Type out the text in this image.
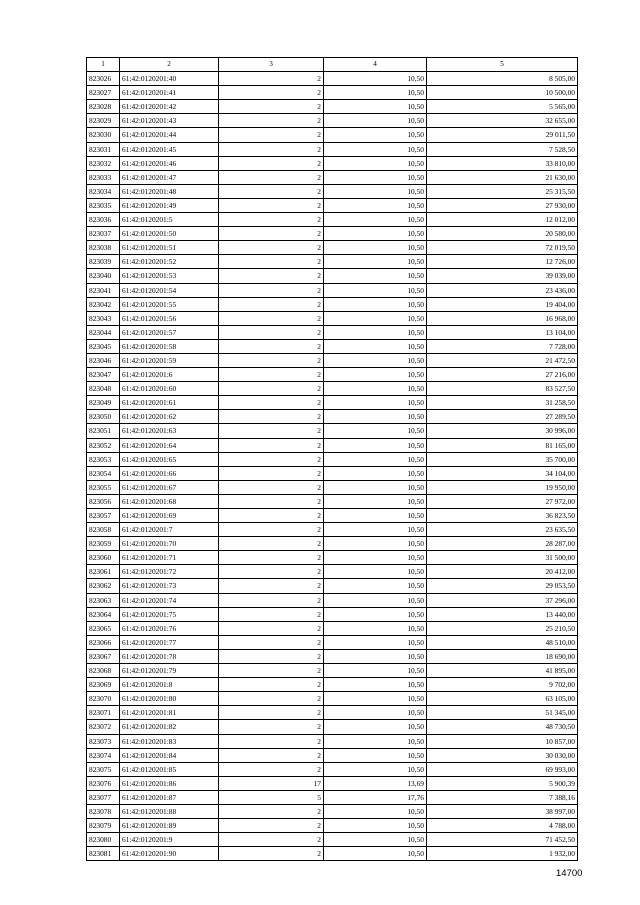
1	2	3	4	5
823026	61:42:0120201:40	2	10,50	8 505,00
823027	61:42:0120201:41	2	10,50	10 500,00
823028	61:42:0120201:42	2	10,50	5 565,00
823029	61:42:0120201:43	2	10,50	32 655,00
823030	61:42:0120201:44	2	10,50	29 011,50
823031	61:42:0120201:45	2	10,50	7 528,50
823032	61:42:0120201:46	2	10,50	33 810,00
823033	61:42:0120201:47	2	10,50	21 630,00
823034	61:42:0120201:48	2	10,50	25 315,50
823035	61:42:0120201:49	2	10,50	27 930,00
823036	61:42:0120201:5	2	10,50	12 012,00
823037	61:42:0120201:50	2	10,50	20 580,00
823038	61:42:0120201:51	2	10,50	72 019,50
823039	61:42:0120201:52	2	10,50	12 726,00
823040	61:42:0120201:53	2	10,50	39 039,00
823041	61:42:0120201:54	2	10,50	23 436,00
823042	61:42:0120201:55	2	10,50	19 404,00
823043	61:42:0120201:56	2	10,50	16 968,00
823044	61:42:0120201:57	2	10,50	13 104,00
823045	61:42:0120201:58	2	10,50	7 728,00
823046	61:42:0120201:59	2	10,50	21 472,50
823047	61:42:0120201:6	2	10,50	27 216,00
823048	61:42:0120201:60	2	10,50	83 527,50
823049	61:42:0120201:61	2	10,50	31 258,50
823050	61:42:0120201:62	2	10,50	27 289,50
823051	61:42:0120201:63	2	10,50	30 996,00
823052	61:42:0120201:64	2	10,50	81 165,00
823053	61:42:0120201:65	2	10,50	35 700,00
823054	61:42:0120201:66	2	10,50	34 104,00
823055	61:42:0120201:67	2	10,50	19 950,00
823056	61:42:0120201:68	2	10,50	27 972,00
823057	61:42:0120201:69	2	10,50	36 823,50
823058	61:42:0120201:7	2	10,50	23 635,50
823059	61:42:0120201:70	2	10,50	28 287,00
823060	61:42:0120201:71	2	10,50	31 500,00
823061	61:42:0120201:72	2	10,50	20 412,00
823062	61:42:0120201:73	2	10,50	29 053,50
823063	61:42:0120201:74	2	10,50	37 296,00
823064	61:42:0120201:75	2	10,50	13 440,00
823065	61:42:0120201:76	2	10,50	25 210,50
823066	61:42:0120201:77	2	10,50	48 510,00
823067	61:42:0120201:78	2	10,50	18 690,00
823068	61:42:0120201:79	2	10,50	41 895,00
823069	61:42:0120201:8	2	10,50	9 702,00
823070	61:42:0120201:80	2	10,50	63 105,00
823071	61:42:0120201:81	2	10,50	51 345,00
823072	61:42:0120201:82	2	10,50	48 730,50
823073	61:42:0120201:83	2	10,50	10 857,00
823074	61:42:0120201:84	2	10,50	30 030,00
823075	61:42:0120201:85	2	10,50	69 993,00
823076	61:42:0120201:86	17	13,69	5 900,39
823077	61:42:0120201:87	5	17,76	7 388,16
823078	61:42:0120201:88	2	10,50	38 997,00
823079	61:42:0120201:89	2	10,50	4 788,00
823080	61:42:0120201:9	2	10,50	71 452,50
823081	61:42:0120201:90	2	10,50	1 932,00
14700
